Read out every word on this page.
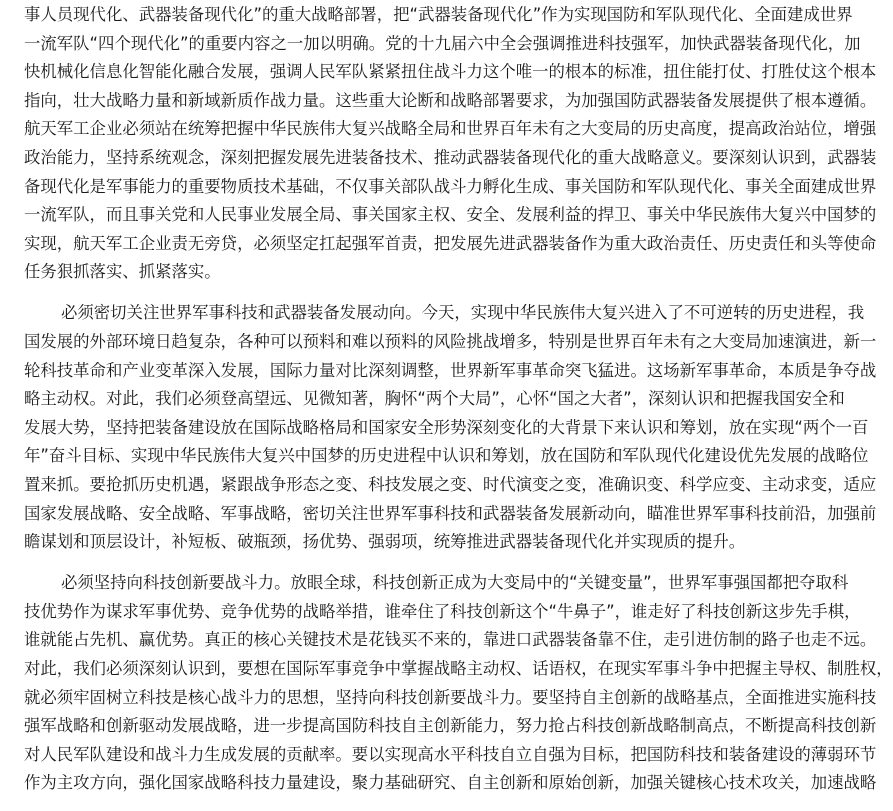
事人员现代化、武器装备现代化”的重大战略部署，把“武器装备现代化”作为实现国防和军队现代化、全面建成世界
一流军队“四个现代化”的重要内容之一加以明确。党的十九届六中全会强调推进科技强军，加快武器装备现代化，加
快机械化信息化智能化融合发展，强调人民军队紧紧扭住战斗力这个唯一的根本的标准，扭住能打仗、打胜仗这个根本
指向，壮大战略力量和新域新质作战力量。这些重大论断和战略部署要求，为加强国防武器装备发展提供了根本遵循。
航天军工企业必须站在统筹把握中华民族伟大复兴战略全局和世界百年未有之大变局的历史高度，提高政治站位，增强
政治能力，坚持系统观念，深刻把握发展先进装备技术、推动武器装备现代化的重大战略意义。要深刻认识到，武器装
备现代化是军事能力的重要物质技术基础，不仅事关部队战斗力孵化生成、事关国防和军队现代化、事关全面建成世界
一流军队，而且事关党和人民事业发展全局、事关国家主权、安全、发展利益的捍卫、事关中华民族伟大复兴中国梦的
实现，航天军工企业责无旁贷，必须坚定扛起强军首责，把发展先进武器装备作为重大政治责任、历史责任和头等使命
任务狠抓落实、抓紧落实。
必须密切关注世界军事科技和武器装备发展动向。今天，实现中华民族伟大复兴进入了不可逆转的历史进程，我
国发展的外部环境日趋复杂，各种可以预料和难以预料的风险挑战增多，特别是世界百年未有之大变局加速演进，新一
轮科技革命和产业变革深入发展，国际力量对比深刻调整，世界新军事革命突飞猛进。这场新军事革命，本质是争夺战
略主动权。对此，我们必须登高望远、见微知著，胸怀“两个大局”，心怀“国之大者”，深刻认识和把握我国安全和
发展大势，坚持把装备建设放在国际战略格局和国家安全形势深刻变化的大背景下来认识和筹划，放在实现“两个一百
年”奋斗目标、实现中华民族伟大复兴中国梦的历史进程中认识和筹划，放在国防和军队现代化建设优先发展的战略位
置来抓。要抢抓历史机遇，紧跟战争形态之变、科技发展之变、时代演变之变，准确识变、科学应变、主动求变，适应
国家发展战略、安全战略、军事战略，密切关注世界军事科技和武器装备发展新动向，瞄准世界军事科技前沿，加强前
瞻谋划和顶层设计，补短板、破瓶颈，扬优势、强弱项，统筹推进武器装备现代化并实现质的提升。
必须坚持向科技创新要战斗力。放眼全球，科技创新正成为大变局中的“关键变量”，世界军事强国都把夺取科
技优势作为谋求军事优势、竞争优势的战略举措，谁牵住了科技创新这个“牛鼻子”，谁走好了科技创新这步先手棋，
谁就能占先机、赢优势。真正的核心关键技术是花钱买不来的，靠进口武器装备靠不住，走引进仿制的路子也走不远。
对此，我们必须深刻认识到，要想在国际军事竞争中掌握战略主动权、话语权，在现实军事斗争中把握主导权、制胜权，
就必须牢固树立科技是核心战斗力的思想，坚持向科技创新要战斗力。要坚持自主创新的战略基点，全面推进实施科技
强军战略和创新驱动发展战略，进一步提高国防科技自主创新能力，努力抢占科技创新战略制高点，不断提高科技创新
对人民军队建设和战斗力生成发展的贡献率。要以实现高水平科技自立自强为目标，把国防科技和装备建设的薄弱环节
作为主攻方向，强化国家战略科技力量建设，聚力基础研究、自主创新和原始创新，加强关键核心技术攻关，加速战略
